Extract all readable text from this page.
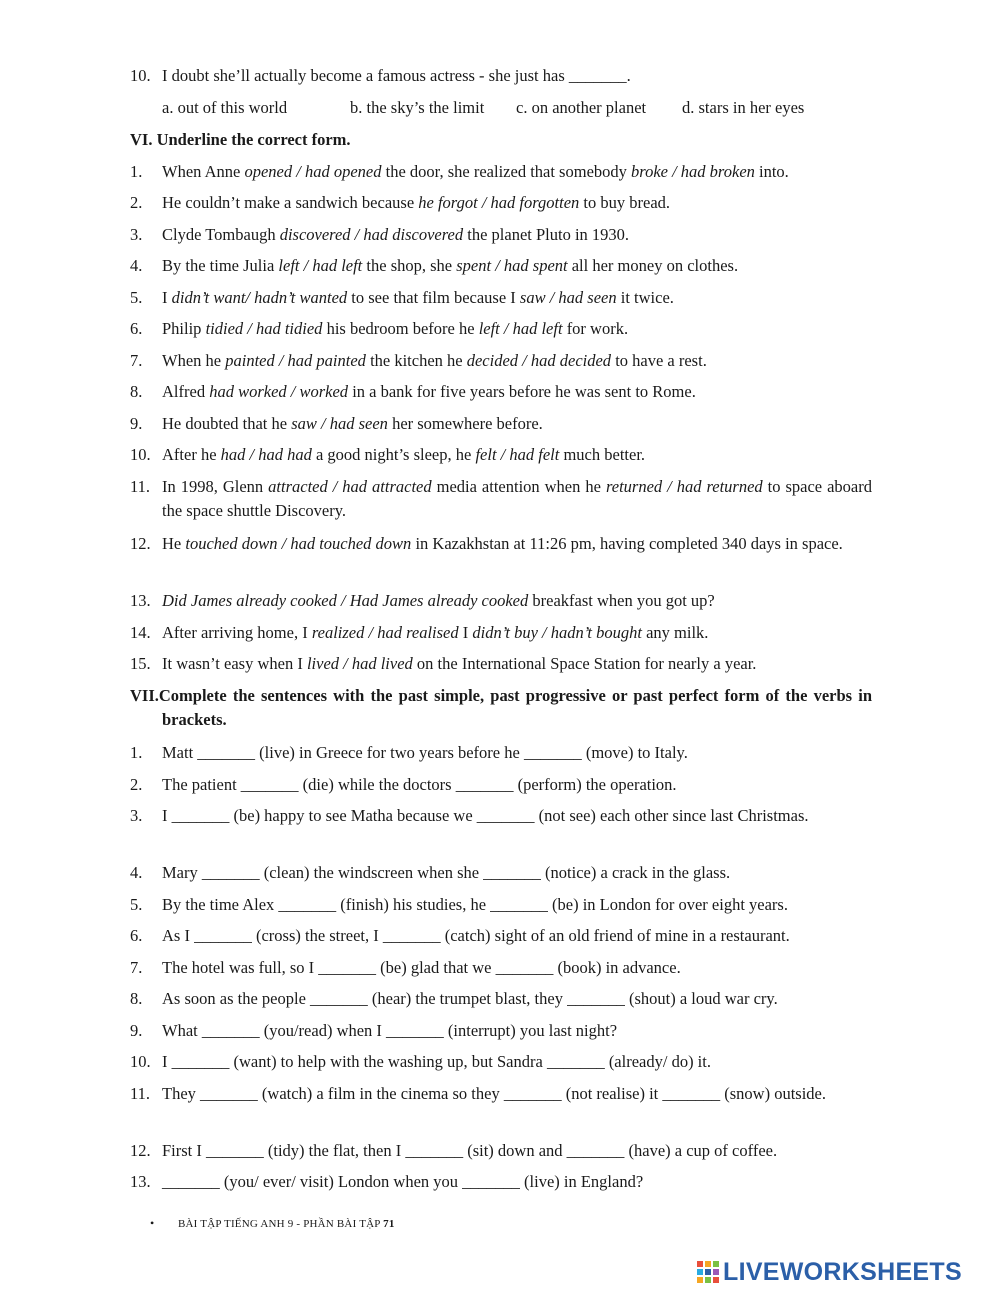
10. I doubt she’ll actually become a famous actress - she just has _______.
a. out of this world	b. the sky’s the limit c. on another planet d. stars in her eyes
VI. Underline the correct form.
1.	When Anne opened / had opened the door, she realized that somebody broke / had broken into.
2.	He couldn’t make a sandwich because he forgot / had forgotten to buy bread.
3.	Clyde Tombaugh discovered / had discovered the planet Pluto in 1930.
4.	By the time Julia left / had left the shop, she spent / had spent all her money on clothes.
5.	I didn’t want/ hadn’t wanted to see that film because I saw / had seen it twice.
6.	Philip tidied / had tidied his bedroom before he left / had left for work.
7.	When he painted / had painted the kitchen he decided / had decided to have a rest.
8.	Alfred had worked / worked in a bank for five years before he was sent to Rome.
9.	He doubted that he saw / had seen her somewhere before.
10. After he had / had had a good night’s sleep, he felt / had felt much better.
11. In 1998, Glenn attracted / had attracted media attention when he returned / had returned to space aboard the space shuttle Discovery.
12. He touched down / had touched down in Kazakhstan at 11:26 pm, having completed 340 days in space.
13. Did James already cooked / Had James already cooked breakfast when you got up?
14. After arriving home, I realized / had realised I didn’t buy / hadn’t bought any milk.
15. It wasn’t easy when I lived / had lived on the International Space Station for nearly a year.
VII.Complete the sentences with the past simple, past progressive or past perfect form of the verbs in brackets.
1.	Matt _______ (live) in Greece for two years before he _______ (move) to Italy.
2.	The patient _______ (die) while the doctors _______ (perform) the operation.
3.	I _______ (be) happy to see Matha because we _______ (not see) each other since last Christmas.
4.	Mary _______ (clean) the windscreen when she _______ (notice) a crack in the glass.
5.	By the time Alex _______ (finish) his studies, he _______ (be) in London for over eight years.
6.	As I _______ (cross) the street, I _______ (catch) sight of an old friend of mine in a restaurant.
7.	The hotel was full, so I _______ (be) glad that we _______ (book) in advance.
8.	As soon as the people _______ (hear) the trumpet blast, they _______ (shout) a loud war cry.
9.	What _______ (you/read) when I _______ (interrupt) you last night?
10. I _______ (want) to help with the washing up, but Sandra _______ (already/ do) it.
11. They _______ (watch) a film in the cinema so they _______ (not realise) it _______ (snow) outside.
12. First I _______ (tidy) the flat, then I _______ (sit) down and _______ (have) a cup of coffee.
13. _______ (you/ ever/ visit) London when you _______ (live) in England?
• BÀI TẬP TIẾNG ANH 9 - PHẦN BÀI TẬP 71
LIVEWORKSHEETS
